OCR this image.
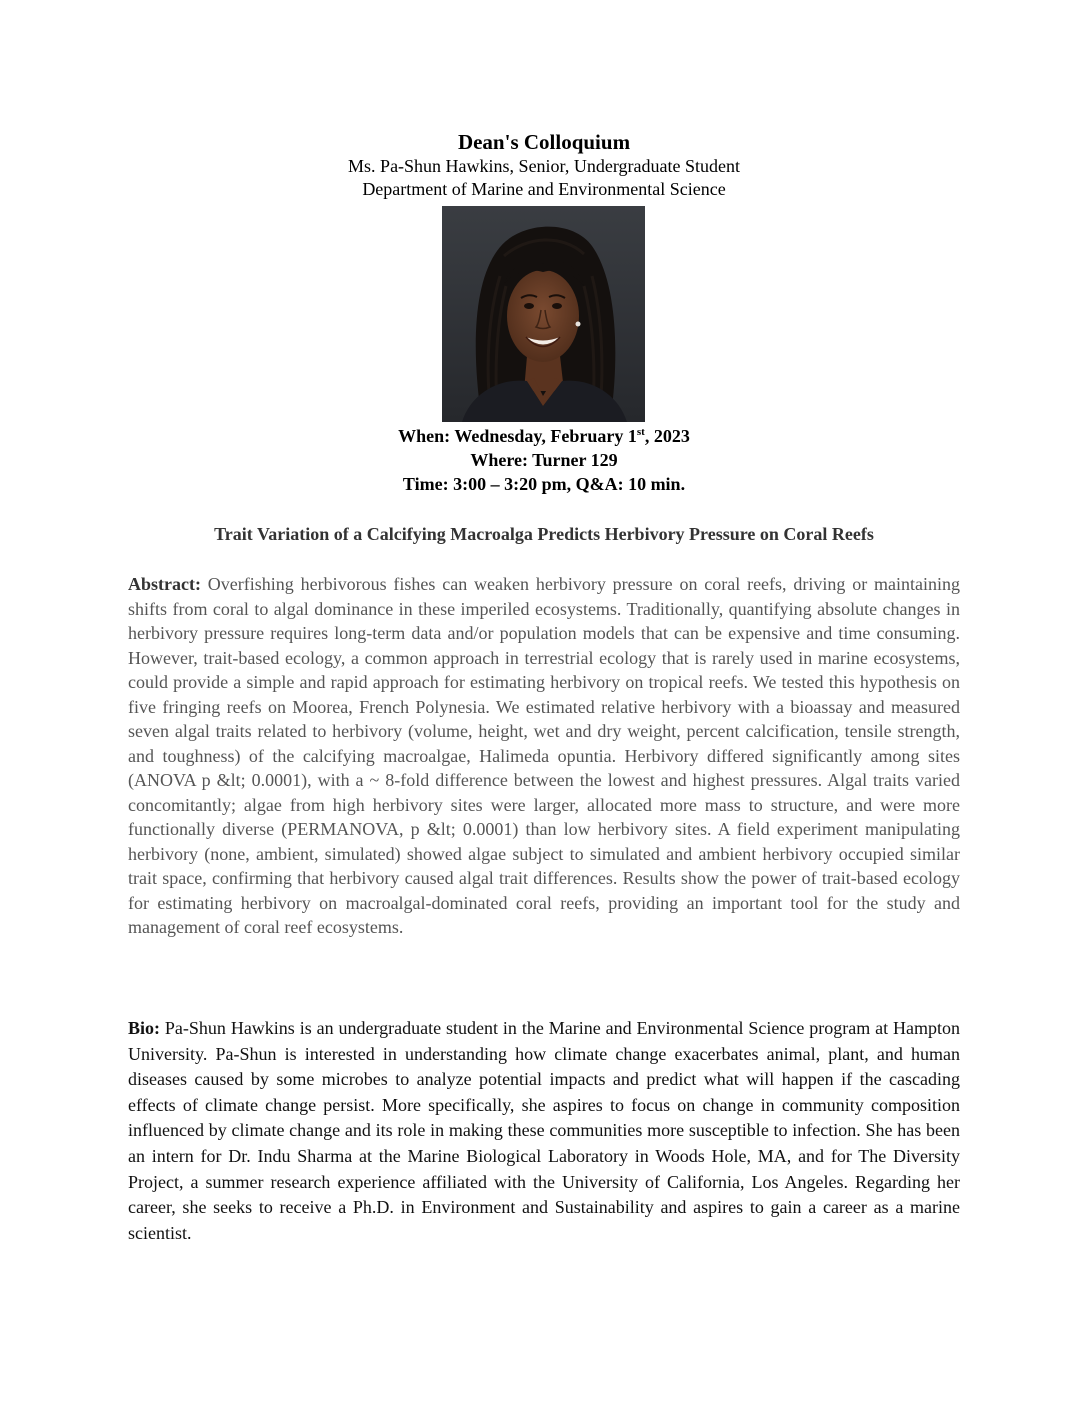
Dean's Colloquium

Ms. Pa-Shun Hawkins, Senior, Undergraduate Student

Department of Marine and Environmental Science

When: Wednesday, February 1st, 2023

Where: Turner 129

Time: 3:00 – 3:20 pm, Q&A: 10 min.

Trait Variation of a Calcifying Macroalga Predicts Herbivory Pressure on Coral Reefs

Abstract: Overfishing herbivorous fishes can weaken herbivory pressure on coral reefs, driving or maintaining shifts from coral to algal dominance in these imperiled ecosystems. Traditionally, quantifying absolute changes in herbivory pressure requires long-term data and/or population models that can be expensive and time consuming. However, trait-based ecology, a common approach in terrestrial ecology that is rarely used in marine ecosystems, could provide a simple and rapid approach for estimating herbivory on tropical reefs. We tested this hypothesis on five fringing reefs on Moorea, French Polynesia. We estimated relative herbivory with a bioassay and measured seven algal traits related to herbivory (volume, height, wet and dry weight, percent calcification, tensile strength, and toughness) of the calcifying macroalgae, Halimeda opuntia. Herbivory differed significantly among sites (ANOVA p &lt; 0.0001), with a ~ 8-fold difference between the lowest and highest pressures. Algal traits varied concomitantly; algae from high herbivory sites were larger, allocated more mass to structure, and were more functionally diverse (PERMANOVA, p &lt; 0.0001) than low herbivory sites. A field experiment manipulating herbivory (none, ambient, simulated) showed algae subject to simulated and ambient herbivory occupied similar trait space, confirming that herbivory caused algal trait differences. Results show the power of trait-based ecology for estimating herbivory on macroalgal-dominated coral reefs, providing an important tool for the study and management of coral reef ecosystems.

Bio: Pa-Shun Hawkins is an undergraduate student in the Marine and Environmental Science program at Hampton University. Pa-Shun is interested in understanding how climate change exacerbates animal, plant, and human diseases caused by some microbes to analyze potential impacts and predict what will happen if the cascading effects of climate change persist. More specifically, she aspires to focus on change in community composition influenced by climate change and its role in making these communities more susceptible to infection. She has been an intern for Dr. Indu Sharma at the Marine Biological Laboratory in Woods Hole, MA, and for The Diversity Project, a summer research experience affiliated with the University of California, Los Angeles. Regarding her career, she seeks to receive a Ph.D. in Environment and Sustainability and aspires to gain a career as a marine scientist.
